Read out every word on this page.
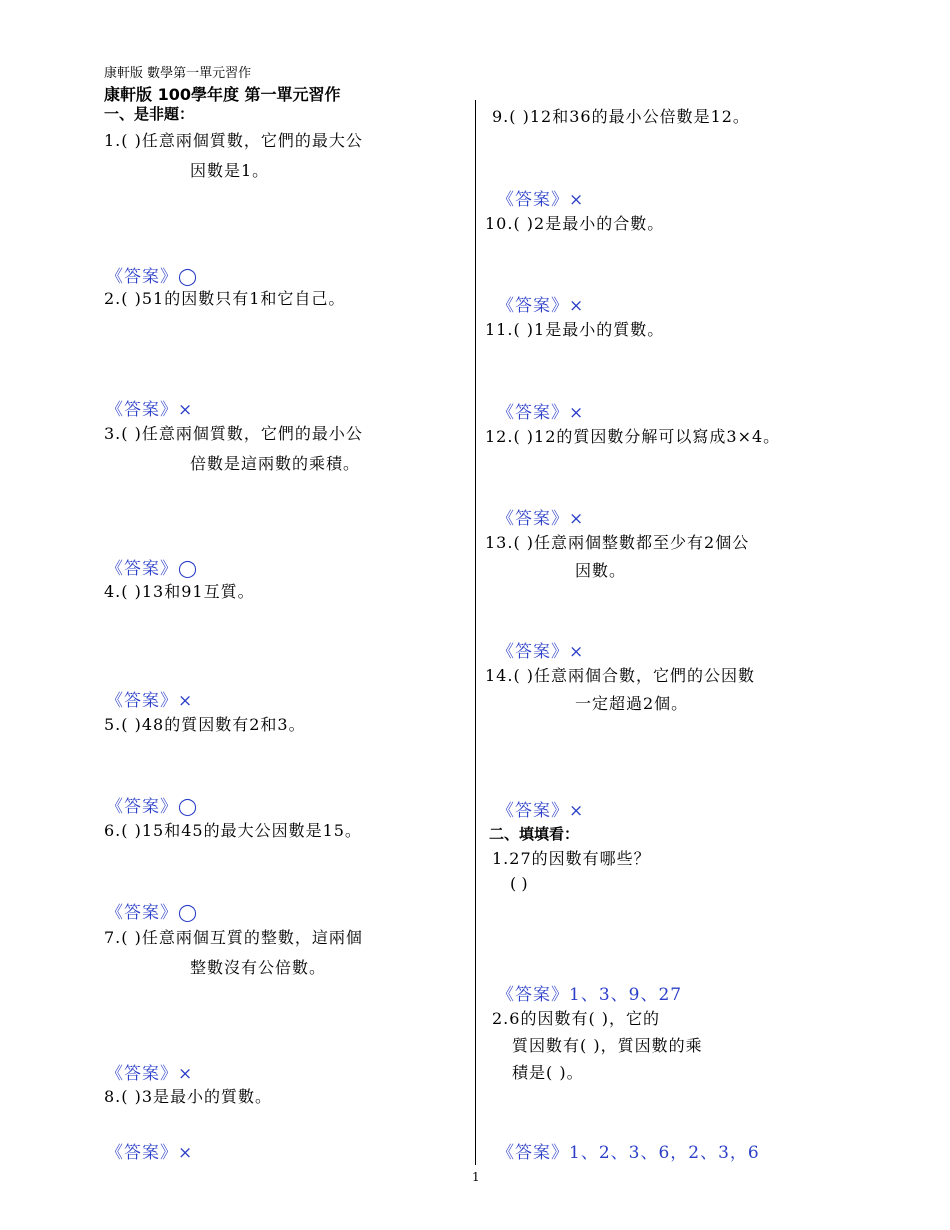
康軒版 數學第一單元習作
康軒版 100學年度 第一單元習作
一、是非題：
1.( )任意兩個質數，它們的最大公
因數是1。
《答案》◯
2.( )51的因數只有1和它自己。
《答案》×
3.( )任意兩個質數，它們的最小公
倍數是這兩數的乘積。
《答案》◯
4.( )13和91互質。
《答案》×
5.( )48的質因數有2和3。
《答案》◯
6.( )15和45的最大公因數是15。
《答案》◯
7.( )任意兩個互質的整數，這兩個
整數沒有公倍數。
《答案》×
8.( )3是最小的質數。
《答案》×
9.( )12和36的最小公倍數是12。
《答案》×
10.( )2是最小的合數。
《答案》×
11.( )1是最小的質數。
《答案》×
12.( )12的質因數分解可以寫成3×4。
《答案》×
13.( )任意兩個整數都至少有2個公
因數。
《答案》×
14.( )任意兩個合數，它們的公因數
一定超過2個。
《答案》×
二、填填看：
1.27的因數有哪些？
( )
《答案》1、3、9、27
2.6的因數有( )，它的
質因數有( )，質因數的乘
積是( )。
《答案》1、2、3、6，2、3，6
1
